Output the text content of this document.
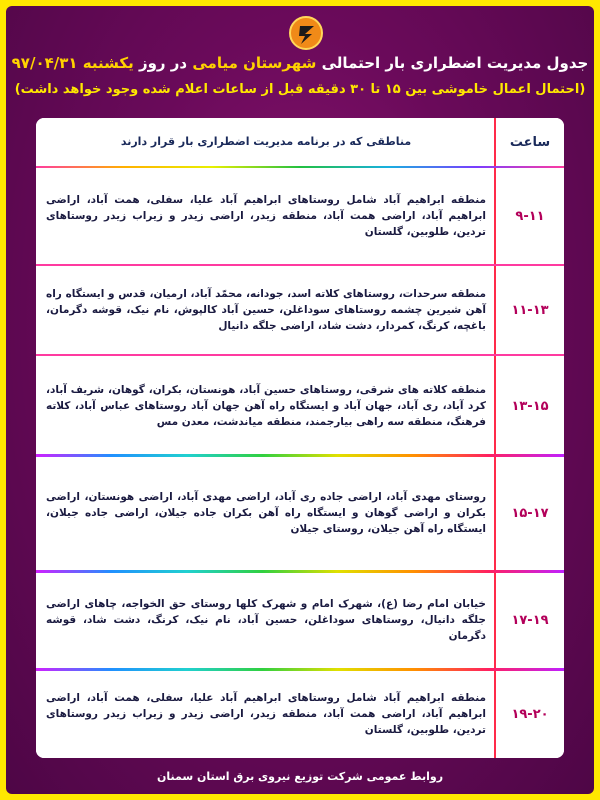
جدول مدیریت اضطراری بار احتمالی شهرستان میامی در روز یکشنبه ۹۷/۰۴/۳۱
(احتمال اعمال خاموشی بین ۱۵ تا ۳۰ دقیقه قبل از ساعات اعلام شده وجود خواهد داشت)
ساعت
مناطقی که در برنامه مدیریت اضطراری بار قرار دارند
۹-۱۱
منطقه ابراهیم آباد شامل روستاهای ابراهیم آباد علیا، سفلی، همت آباد، اراضی ابراهیم آباد، اراضی همت آباد، منطقه زیدر، اراضی زیدر و زیراب زیدر روستاهای تردین، طلوبین، گلستان
۱۱-۱۳
منطقه سرحدات، روستاهای کلاته اسد، جودانه، محمّد آباد، ارمیان، قدس و ایستگاه راه آهن شیرین چشمه روستاهای سوداغلن، حسین آباد کالپوش، نام نیک، قوشه دگرمان، باغچه، کرنگ، کمردار، دشت شاد، اراضی جلگه دانیال
۱۳-۱۵
منطقه کلاته های شرقی، روستاهای حسین آباد، هونستان، بکران، گوهان، شریف آباد، کرد آباد، ری آباد، جهان آباد و ایستگاه راه آهن جهان آباد روستاهای عباس آباد، کلاته فرهنگ، منطقه سه راهی بیارجمند، منطقه میاندشت، معدن مس
۱۵-۱۷
روستای مهدی آباد، اراضی جاده ری آباد، اراضی مهدی آباد، اراضی هونستان، اراضی بکران و اراضی گوهان و ایستگاه راه آهن بکران جاده جیلان، اراضی جاده جیلان، ایستگاه راه آهن جیلان، روستای جیلان
۱۷-۱۹
خیابان امام رضا (ع)، شهرک امام و شهرک کلها روستای حق الخواجه، چاهای اراضی جلگه دانیال، روستاهای سوداغلن، حسین آباد، نام نیک، کرنگ، دشت شاد، قوشه دگرمان
۱۹-۲۰
منطقه ابراهیم آباد شامل روستاهای ابراهیم آباد علیا، سفلی، همت آباد، اراضی ابراهیم آباد، اراضی همت آباد، منطقه زیدر، اراضی زیدر و زیراب زیدر روستاهای تردین، طلوبین، گلستان
روابط عمومی شرکت توزیع نیروی برق استان سمنان
